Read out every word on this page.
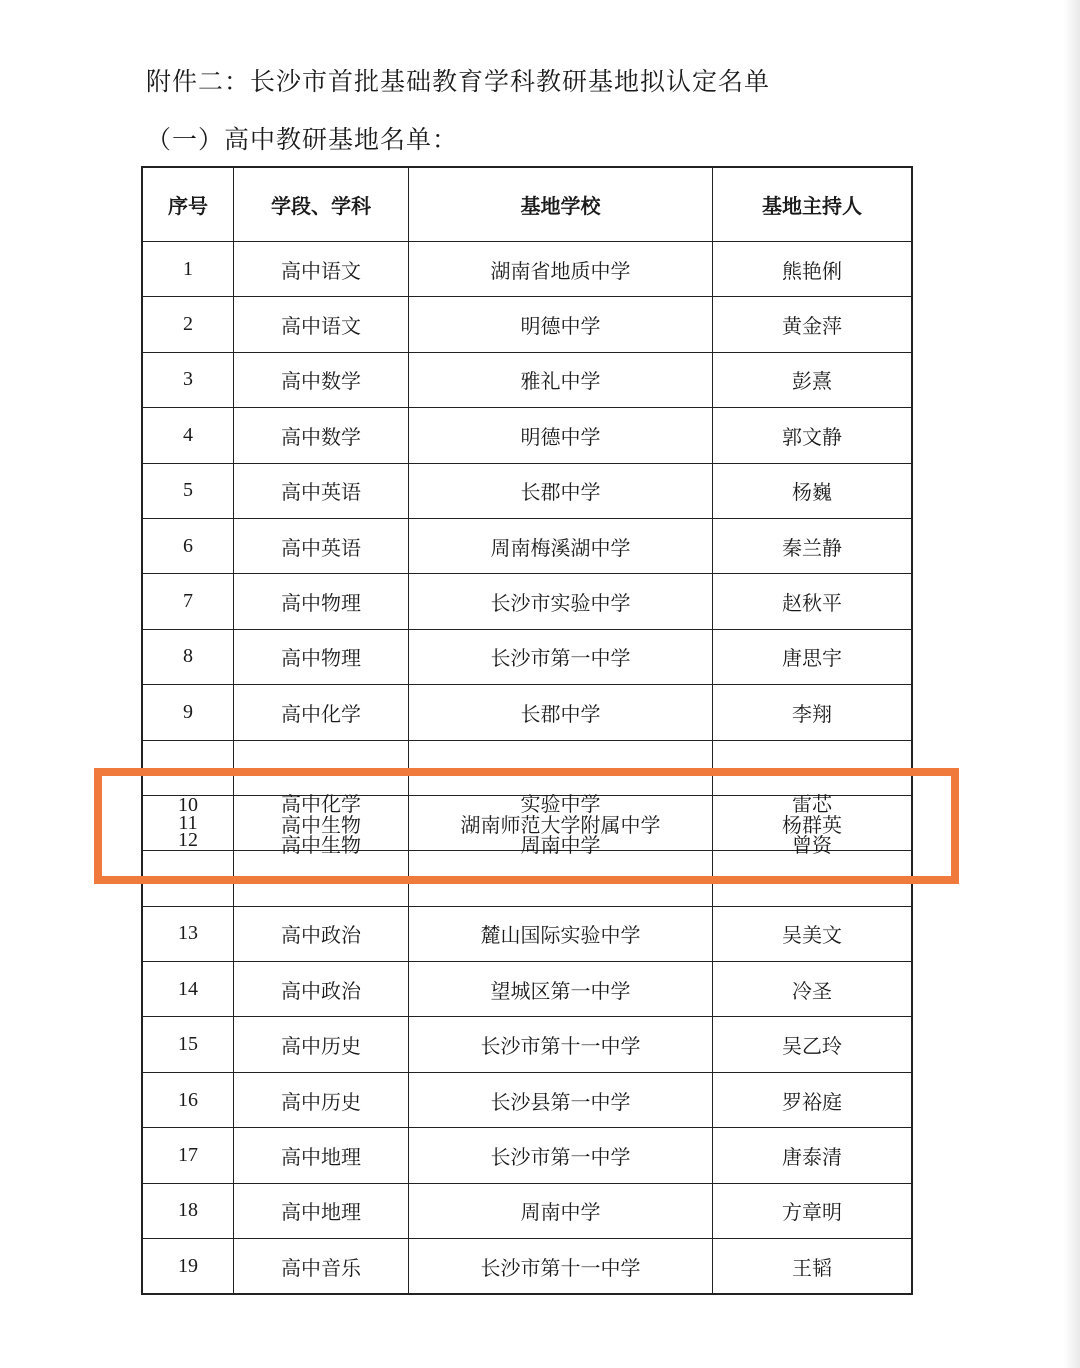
附件二：长沙市首批基础教育学科教研基地拟认定名单
（一）高中教研基地名单：
序号	学段、学科	基地学校	基地主持人
1	高中语文	湖南省地质中学	熊艳俐
2	高中语文	明德中学	黄金萍
3	高中数学	雅礼中学	彭熹
4	高中数学	明德中学	郭文静
5	高中英语	长郡中学	杨巍
6	高中英语	周南梅溪湖中学	秦兰静
7	高中物理	长沙市实验中学	赵秋平
8	高中物理	长沙市第一中学	唐思宇
9	高中化学	长郡中学	李翔
10	高中化学	实验中学	雷芯
11	高中生物	湖南师范大学附属中学	杨群英
12	高中生物	周南中学	曾资
13	高中政治	麓山国际实验中学	吴美文
14	高中政治	望城区第一中学	冷圣
15	高中历史	长沙市第十一中学	吴乙玲
16	高中历史	长沙县第一中学	罗裕庭
17	高中地理	长沙市第一中学	唐泰清
18	高中地理	周南中学	方章明
19	高中音乐	长沙市第十一中学	王韬
